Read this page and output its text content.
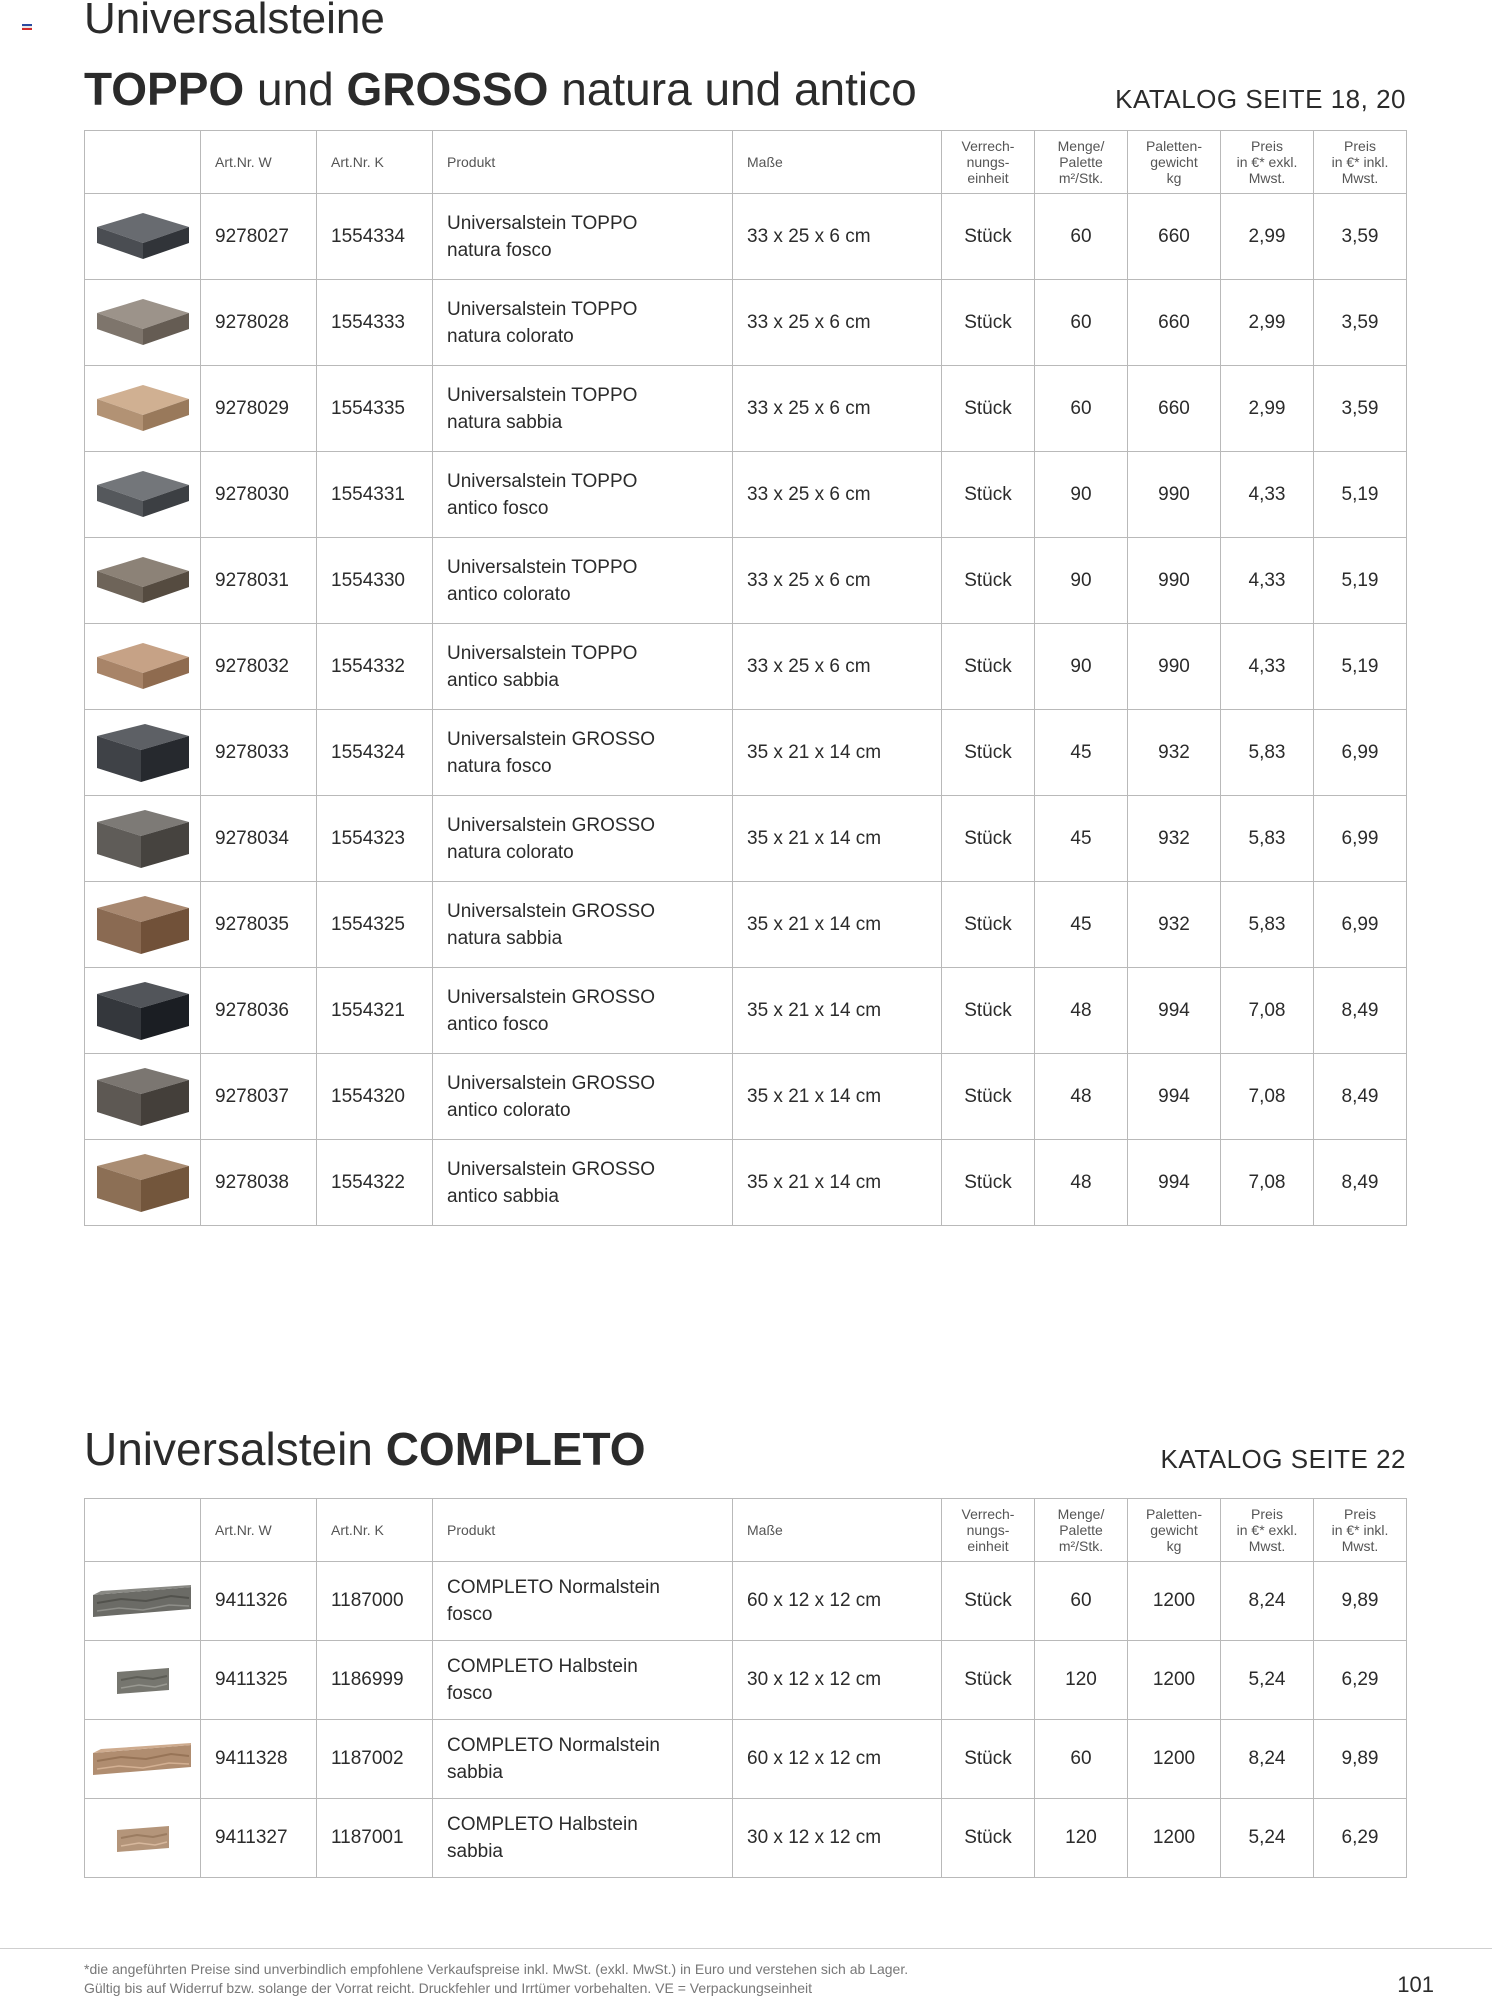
Universalsteine
TOPPO und GROSSO natura und antico	KATALOG SEITE 18, 20
	Art.Nr. W	Art.Nr. K	Produkt	Maße	Verrech-
nungs-
einheit	Menge/
Palette
m²/Stk.	Paletten-
gewicht
kg	Preis
in €* exkl.
Mwst.	Preis
in €* inkl.
Mwst.

	9278027	1554334	Universalstein TOPPO
natura fosco	33 x 25 x 6 cm	Stück	60	660	2,99	3,59

	9278028	1554333	Universalstein TOPPO
natura colorato	33 x 25 x 6 cm	Stück	60	660	2,99	3,59

	9278029	1554335	Universalstein TOPPO
natura sabbia	33 x 25 x 6 cm	Stück	60	660	2,99	3,59

	9278030	1554331	Universalstein TOPPO
antico fosco	33 x 25 x 6 cm	Stück	90	990	4,33	5,19

	9278031	1554330	Universalstein TOPPO
antico colorato	33 x 25 x 6 cm	Stück	90	990	4,33	5,19

	9278032	1554332	Universalstein TOPPO
antico sabbia	33 x 25 x 6 cm	Stück	90	990	4,33	5,19

	9278033	1554324	Universalstein GROSSO
natura fosco	35 x 21 x 14 cm	Stück	45	932	5,83	6,99

	9278034	1554323	Universalstein GROSSO
natura colorato	35 x 21 x 14 cm	Stück	45	932	5,83	6,99

	9278035	1554325	Universalstein GROSSO
natura sabbia	35 x 21 x 14 cm	Stück	45	932	5,83	6,99

	9278036	1554321	Universalstein GROSSO
antico fosco	35 x 21 x 14 cm	Stück	48	994	7,08	8,49

	9278037	1554320	Universalstein GROSSO
antico colorato	35 x 21 x 14 cm	Stück	48	994	7,08	8,49

	9278038	1554322	Universalstein GROSSO
antico sabbia	35 x 21 x 14 cm	Stück	48	994	7,08	8,49
Universalstein COMPLETO	KATALOG SEITE 22
	Art.Nr. W	Art.Nr. K	Produkt	Maße	Verrech-
nungs-
einheit	Menge/
Palette
m²/Stk.	Paletten-
gewicht
kg	Preis
in €* exkl.
Mwst.	Preis
in €* inkl.
Mwst.

	9411326	1187000	COMPLETO Normalstein
fosco	60 x 12 x 12 cm	Stück	60	1200	8,24	9,89

	9411325	1186999	COMPLETO Halbstein
fosco	30 x 12 x 12 cm	Stück	120	1200	5,24	6,29

	9411328	1187002	COMPLETO Normalstein
sabbia	60 x 12 x 12 cm	Stück	60	1200	8,24	9,89

	9411327	1187001	COMPLETO Halbstein
sabbia	30 x 12 x 12 cm	Stück	120	1200	5,24	6,29
*die angeführten Preise sind unverbindlich empfohlene Verkaufspreise inkl. MwSt. (exkl. MwSt.) in Euro und verstehen sich ab Lager.
Gültig bis auf Widerruf bzw. solange der Vorrat reicht. Druckfehler und Irrtümer vorbehalten. VE = Verpackungseinheit	101
